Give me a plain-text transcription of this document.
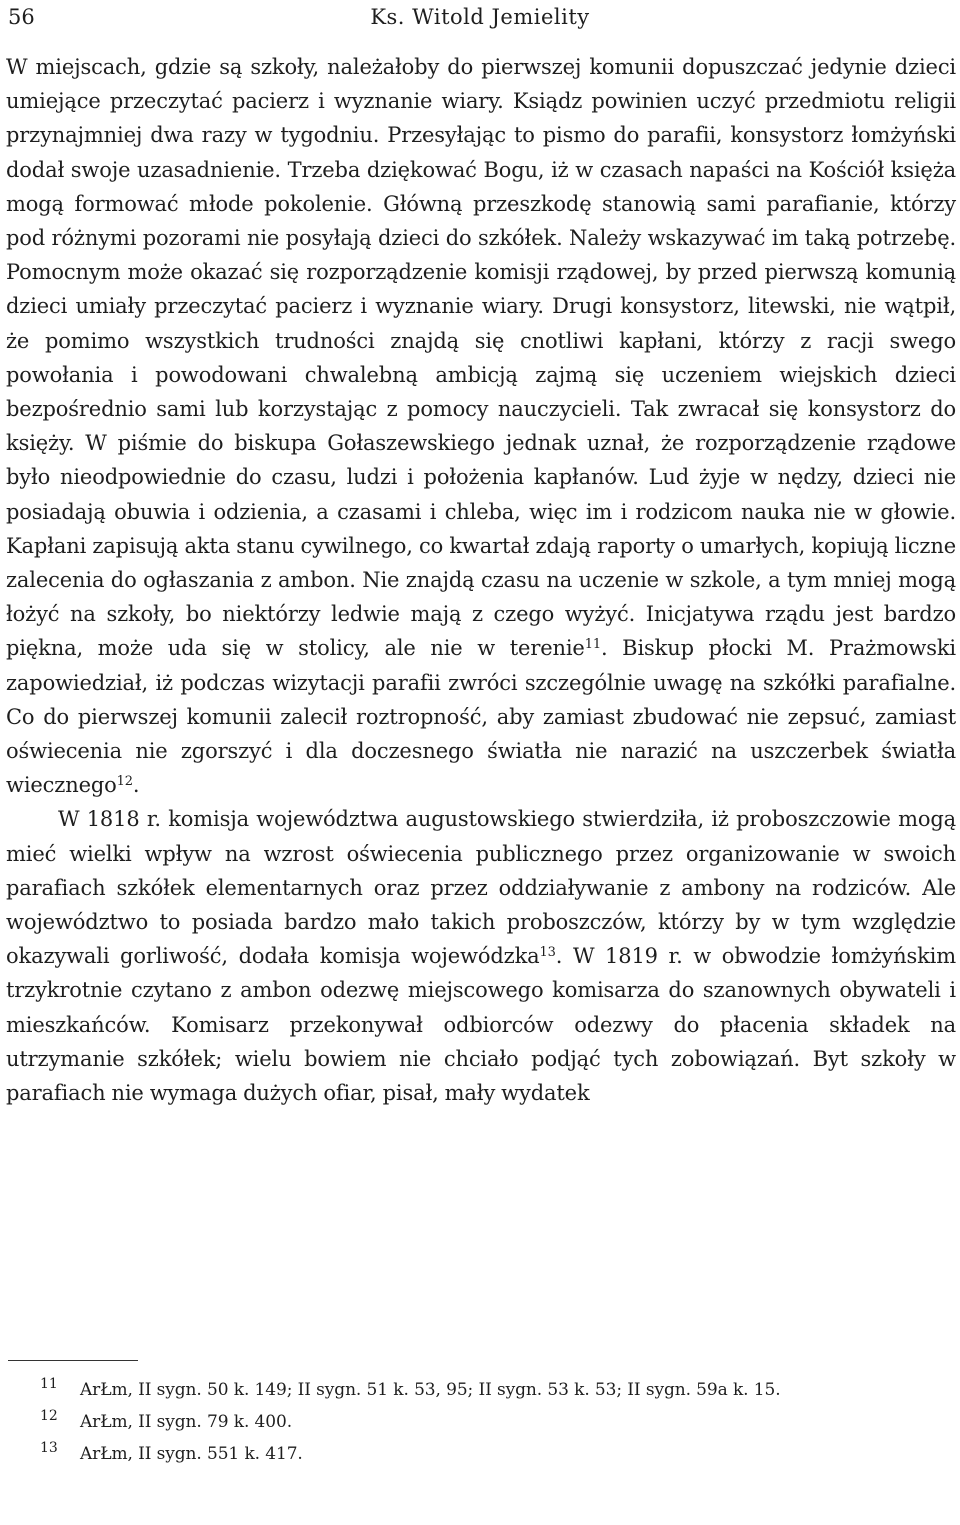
56	Ks. Witold Jemielity

W miejscach, gdzie są szkoły, należałoby do pierwszej komunii dopuszczać jedynie dzieci umiejące przeczytać pacierz i wyznanie wiary. Ksiądz powinien uczyć przedmiotu religii przynajmniej dwa razy w tygodniu. Przesyłając to pismo do parafii, konsystorz łomżyński dodał swoje uzasadnienie. Trzeba dziękować Bogu, iż w czasach napaści na Kościół księża mogą formować młode pokolenie. Główną przeszkodę stanowią sami parafianie, którzy pod różnymi pozorami nie posyłają dzieci do szkółek. Należy wskazywać im taką potrzebę. Pomocnym może okazać się rozporządzenie komisji rządowej, by przed pierwszą komunią dzieci umiały przeczytać pacierz i wyznanie wiary. Drugi konsystorz, litewski, nie wątpił, że pomimo wszystkich trudności znajdą się cnotliwi kapłani, którzy z racji swego powołania i powodowani chwalebną ambicją zajmą się uczeniem wiejskich dzieci bezpośrednio sami lub korzystając z pomocy nauczycieli. Tak zwracał się konsystorz do księży. W piśmie do biskupa Gołaszewskiego jednak uznał, że rozporządzenie rządowe było nieodpowiednie do czasu, ludzi i położenia kapłanów. Lud żyje w nędzy, dzieci nie posiadają obuwia i odzienia, a czasami i chleba, więc im i rodzicom nauka nie w głowie. Kapłani zapisują akta stanu cywilnego, co kwartał zdają raporty o umarłych, kopiują liczne zalecenia do ogłaszania z ambon. Nie znajdą czasu na uczenie w szkole, a tym mniej mogą łożyć na szkoły, bo niektórzy ledwie mają z czego wyżyć. Inicjatywa rządu jest bardzo piękna, może uda się w stolicy, ale nie w terenie$^{11}$. Biskup płocki M. Prażmowski zapowiedział, iż podczas wizytacji parafii zwróci szczególnie uwagę na szkółki parafialne. Co do pierwszej komunii zalecił roztropność, aby zamiast zbudować nie zepsuć, zamiast oświecenia nie zgorszyć i dla doczesnego światła nie narazić na uszczerbek światła wiecznego$^{12}$.

W 1818 r. komisja województwa augustowskiego stwierdziła, iż proboszczowie mogą mieć wielki wpływ na wzrost oświecenia publicznego przez organizowanie w swoich parafiach szkółek elementarnych oraz przez oddziaływanie z ambony na rodziców. Ale województwo to posiada bardzo mało takich proboszczów, którzy by w tym względzie okazywali gorliwość, dodała komisja wojewódzka$^{13}$. W 1819 r. w obwodzie łomżyńskim trzykrotnie czytano z ambon odezwę miejscowego komisarza do szanownych obywateli i mieszkańców. Komisarz przekonywał odbiorców odezwy do płacenia składek na utrzymanie szkółek; wielu bowiem nie chciało podjąć tych zobowiązań. Byt szkoły w parafiach nie wymaga dużych ofiar, pisał, mały wydatek

11 ArŁm, II sygn. 50 k. 149; II sygn. 51 k. 53, 95; II sygn. 53 k. 53; II sygn. 59a k. 15.
12 ArŁm, II sygn. 79 k. 400.
13 ArŁm, II sygn. 551 k. 417.
